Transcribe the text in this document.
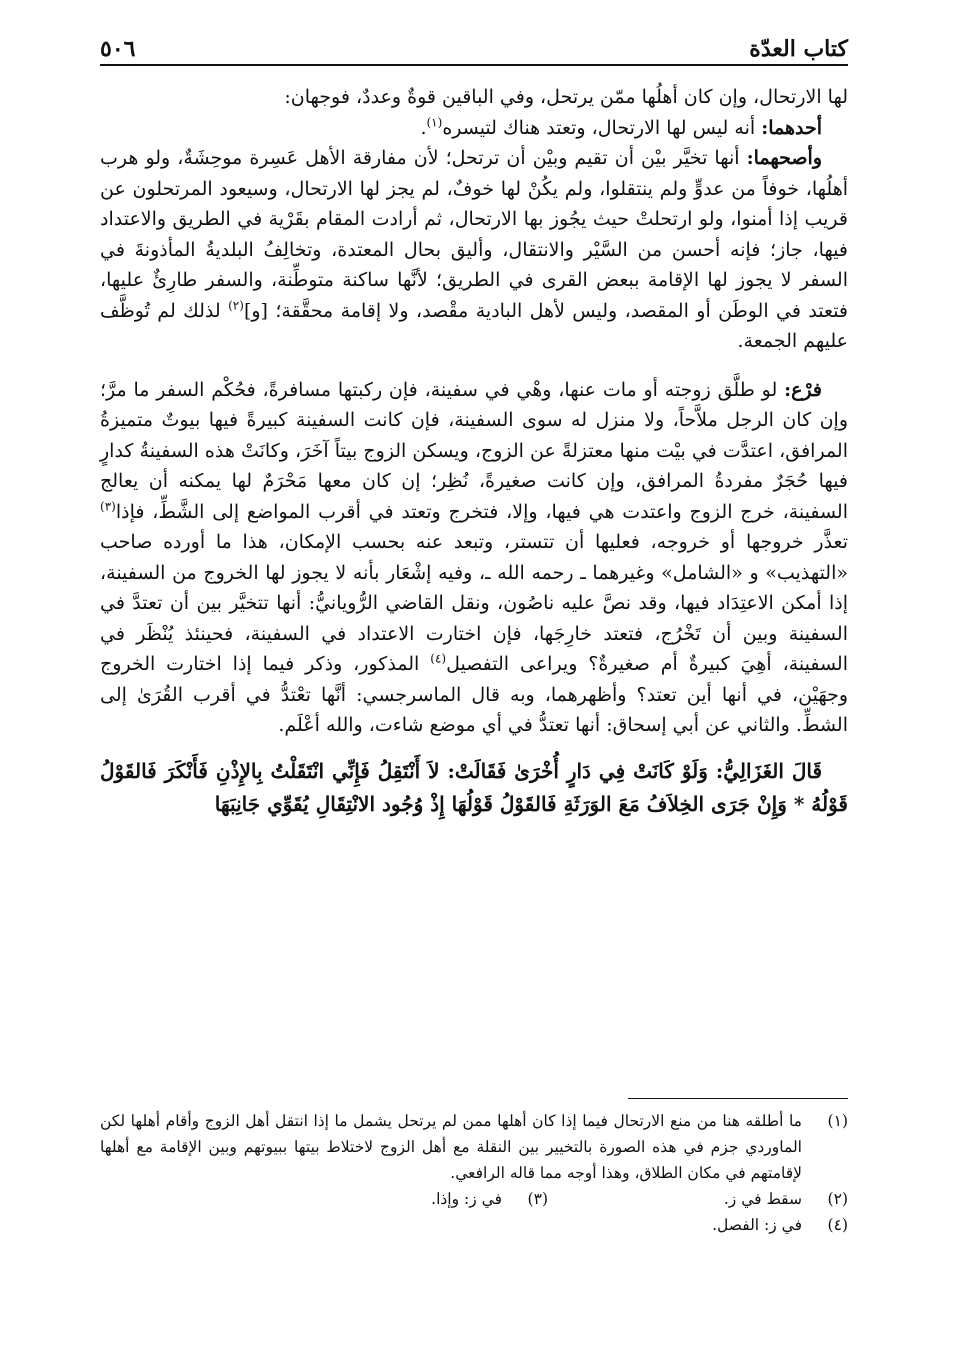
كتاب العدّة
٥٠٦

لها الارتحال، وإن كان أهلُها ممّن يرتحل، وفي الباقين قوةٌ وعددٌ، فوجهان:

أحدهما: أنه ليس لها الارتحال، وتعتد هناك لتيسره$^{(١)}$.

وأصحهما: أنها تخيَّر بيْن أن تقيم وبيْن أن ترتحل؛ لأن مفارقة الأهل عَسِرة موحِشَةٌ، ولو هرب أهلُها، خوفاً من عدوٍّ ولم ينتقلوا، ولم يكُنْ لها خوفٌ، لم يجز لها الارتحال، وسيعود المرتحلون عن قريب إذا أمنوا، ولو ارتحلتْ حيث يجُوز بها الارتحال، ثم أرادت المقام بقَرْية في الطريق والاعتداد فيها، جاز؛ فإنه أحسن من السَّيْر والانتقال، وأليق بحال المعتدة، وتخالِفُ البلديةُ المأذونةَ في السفر لا يجوز لها الإقامة ببعض القرى في الطريق؛ لأنَّها ساكنة متوطِّنة، والسفر طارِئٌ عليها، فتعتد في الوطَن أو المقصد، وليس لأهل البادية مقْصد، ولا إقامة محقَّقة؛ [و]$^{(٢)}$ لذلك لم تُوظَّف عليهم الجمعة.

فرْع: لو طلَّق زوجته أو مات عنها، وهْي في سفينة، فإن ركبتها مسافرةً، فحُكْم السفر ما مرَّ؛ وإن كان الرجل ملاَّحاً، ولا منزل له سوى السفينة، فإن كانت السفينة كبيرةً فيها بيوتٌ متميزةُ المرافق، اعتدَّت في بيْت منها معتزلةً عن الزوج، ويسكن الزوج بيتاً آخَرَ، وكانَتْ هذه السفينةُ كدارٍ فيها حُجَرٌ مفردةُ المرافق، وإن كانت صغيرةً، نُظِر؛ إن كان معها مَحْرَمٌ لها يمكنه أن يعالج السفينة، خرج الزوج واعتدت هي فيها، وإلا، فتخرج وتعتد في أقرب المواضع إلى الشَّطِّ، فإذا$^{(٣)}$ تعذَّر خروجها أو خروجه، فعليها أن تتستر، وتبعد عنه بحسب الإمكان، هذا ما أورده صاحب «التهذيب» و «الشامل» وغيرهما ـ رحمه الله ـ، وفيه إشْعَار بأنه لا يجوز لها الخروج من السفينة، إذا أمكن الاعتِدَاد فيها، وقد نصَّ عليه ناصُون، ونقل القاضي الرُّويانيُّ: أنها تتخيَّر بين أن تعتدَّ في السفينة وبين أن تَخْرُج، فتعتد خارِجَها، فإن اختارت الاعتداد في السفينة، فحينئذ يُنْظَر في السفينة، أهِيَ كبيرةٌ أم صغيرةٌ؟ ويراعى التفصيل$^{(٤)}$ المذكور، وذكر فيما إذا اختارت الخروج وجهَيْن، في أنها أين تعتد؟ وأظهرهما، وبه قال الماسرجسي: أنَّها تعْتدُّ في أقرب القُرَىٰ إلى الشطِّ. والثاني عن أبي إسحاق: أنها تعتدُّ في أي موضع شاءت، والله أعْلَم.

قَالَ الغَزَالِيُّ: وَلَوْ كَانَتْ فِي دَارٍ أُخْرَىٰ فَقَالَتْ: لاَ أَنْتَقِلُ فَإِنِّي انْتَقَلْتُ بِالإِذْنِ فَأَنْكَرَ فَالقَوْلُ قَوْلُهُ * وَإِنْ جَرَى الخِلاَفُ مَعَ الوَرَثَةِ فَالقَوْلُ قَوْلُهَا إِذْ وُجُود الانْتِقَالِ يُقَوِّي جَانِبَهَا

(١)
ما أطلقه هنا من منع الارتحال فيما إذا كان أهلها ممن لم يرتحل يشمل ما إذا انتقل أهل الزوج وأقام أهلها لكن الماوردي جزم في هذه الصورة بالتخيير بين النقلة مع أهل الزوج لاختلاط بيتها ببيوتهم وبين الإقامة مع أهلها لإقامتهم في مكان الطلاق، وهذا أوجه مما قاله الرافعي.
(٢)
سقط في ز.
(٣)
في ز: وإذا.
(٤)
في ز: الفصل.
